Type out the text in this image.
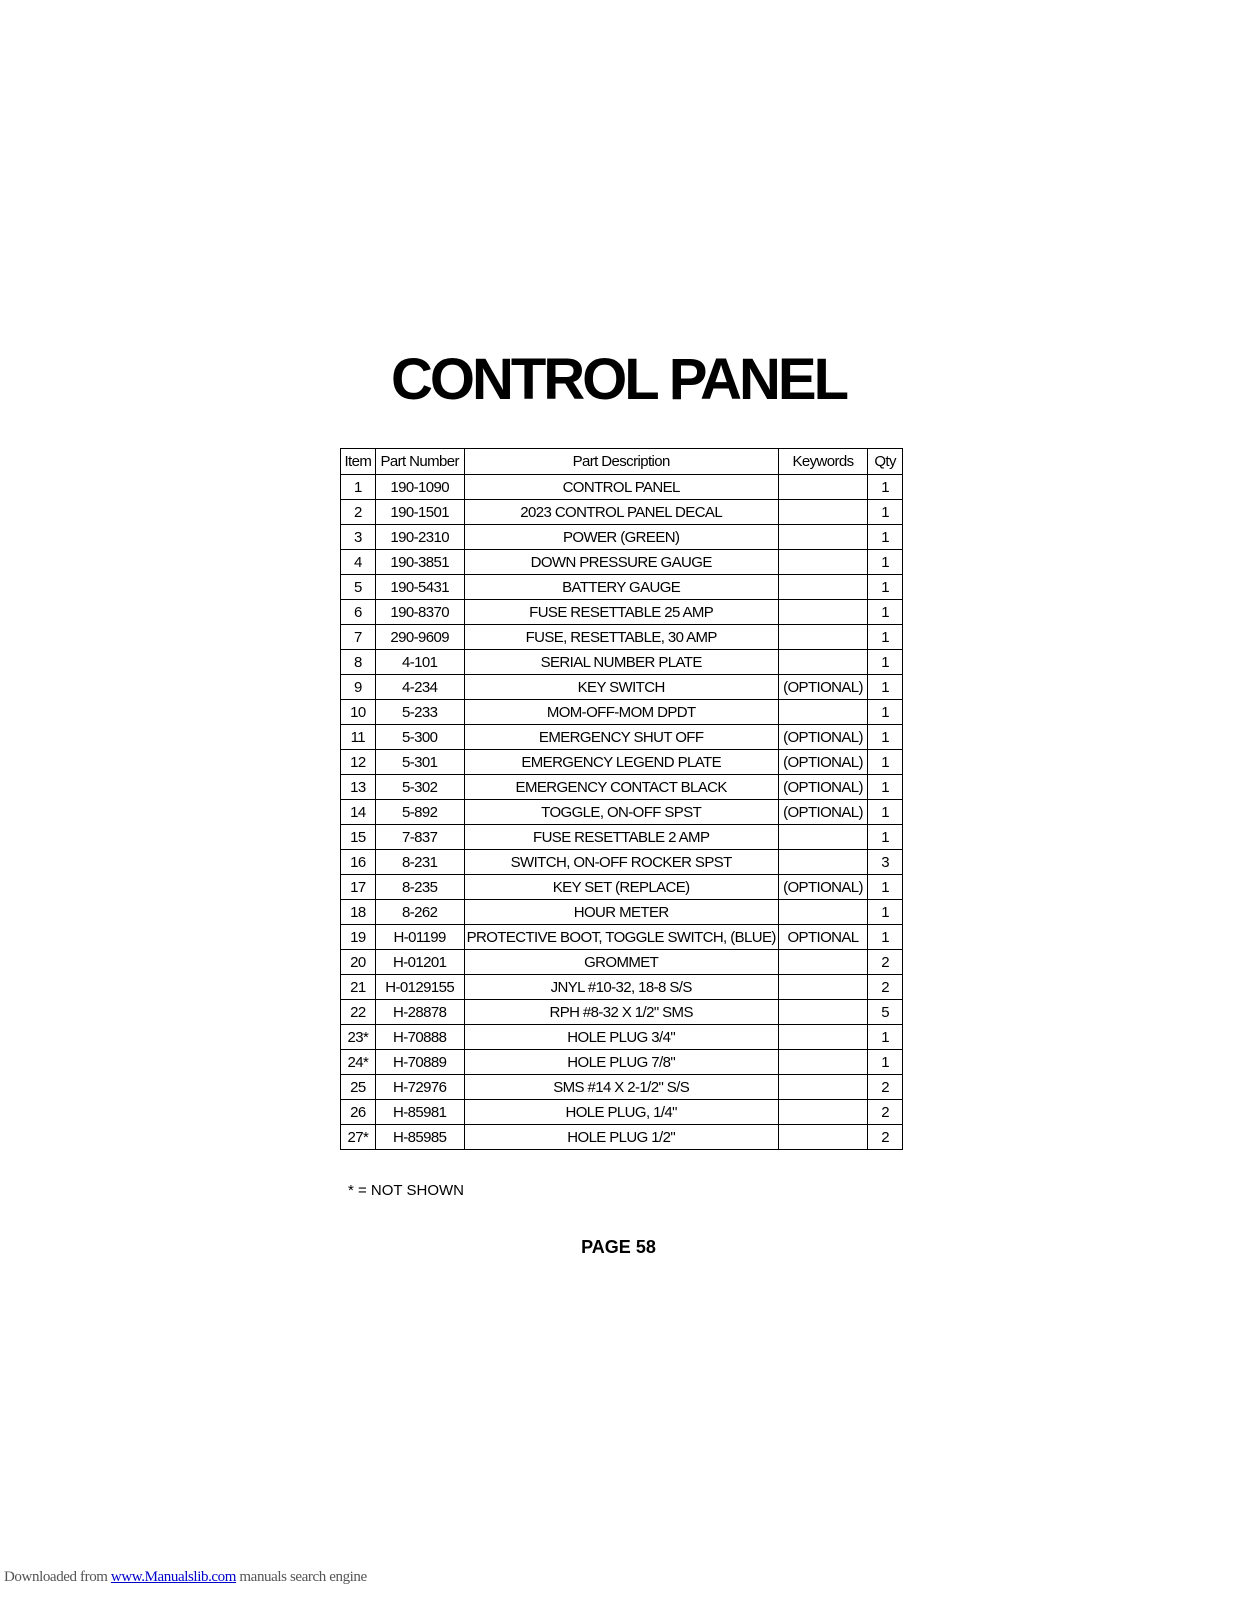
CONTROL PANEL
Item	Part Number	Part Description	Keywords	Qty
1	190-1090	CONTROL PANEL		1
2	190-1501	2023 CONTROL PANEL DECAL		1
3	190-2310	POWER (GREEN)		1
4	190-3851	DOWN PRESSURE GAUGE		1
5	190-5431	BATTERY GAUGE		1
6	190-8370	FUSE RESETTABLE 25 AMP		1
7	290-9609	FUSE, RESETTABLE, 30 AMP		1
8	4-101	SERIAL NUMBER PLATE		1
9	4-234	KEY SWITCH	(OPTIONAL)	1
10	5-233	MOM-OFF-MOM DPDT		1
11	5-300	EMERGENCY SHUT OFF	(OPTIONAL)	1
12	5-301	EMERGENCY LEGEND PLATE	(OPTIONAL)	1
13	5-302	EMERGENCY CONTACT BLACK	(OPTIONAL)	1
14	5-892	TOGGLE, ON-OFF SPST	(OPTIONAL)	1
15	7-837	FUSE RESETTABLE 2 AMP		1
16	8-231	SWITCH, ON-OFF ROCKER SPST		3
17	8-235	KEY SET (REPLACE)	(OPTIONAL)	1
18	8-262	HOUR METER		1
19	H-01199	PROTECTIVE BOOT, TOGGLE SWITCH, (BLUE)	OPTIONAL	1
20	H-01201	GROMMET		2
21	H-0129155	JNYL #10-32, 18-8 S/S		2
22	H-28878	RPH #8-32 X 1/2" SMS		5
23*	H-70888	HOLE PLUG 3/4"		1
24*	H-70889	HOLE PLUG 7/8"		1
25	H-72976	SMS #14 X 2-1/2" S/S		2
26	H-85981	HOLE PLUG, 1/4"		2
27*	H-85985	HOLE PLUG 1/2"		2
* = NOT SHOWN
PAGE 58
Downloaded from www.Manualslib.com manuals search engine
